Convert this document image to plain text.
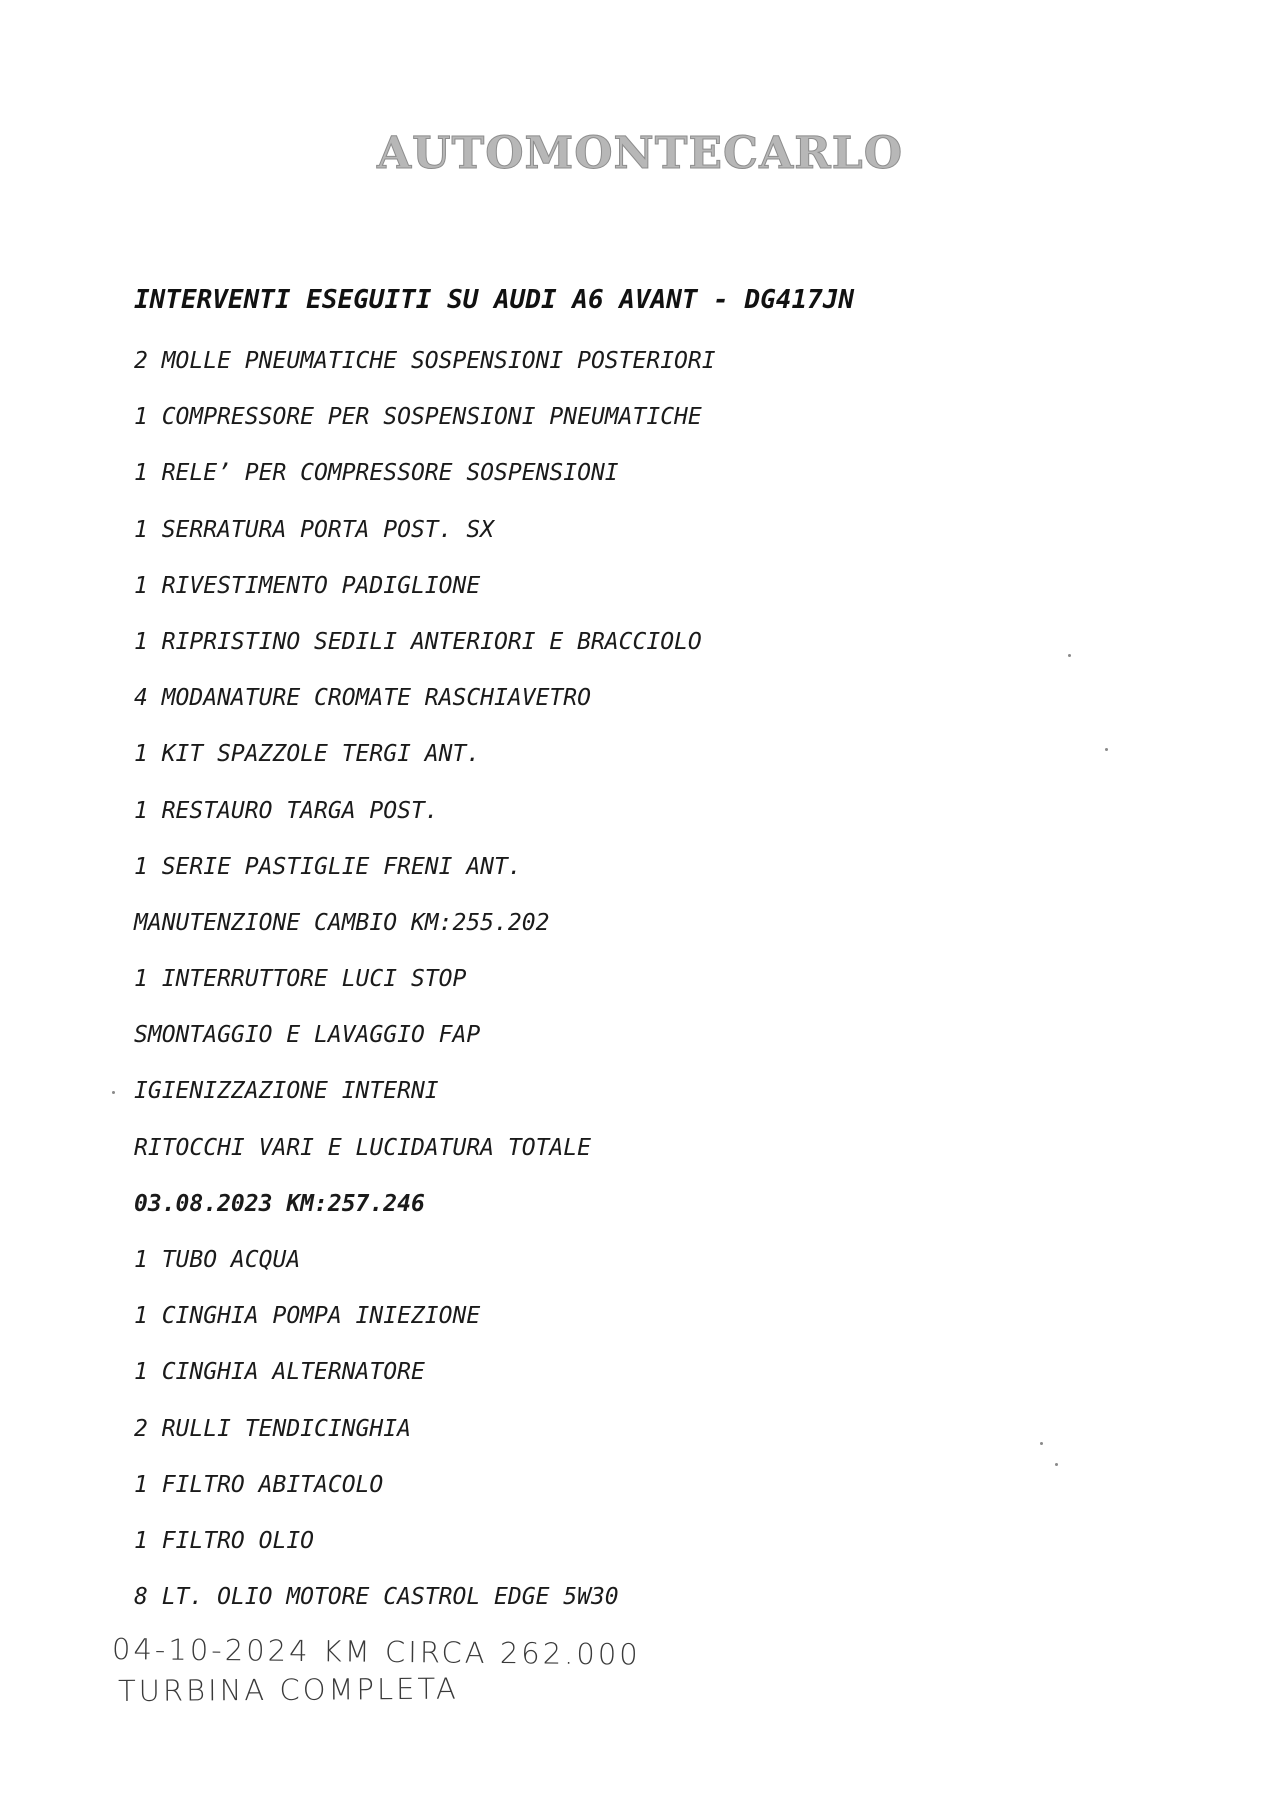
AUTOMONTECARLO
INTERVENTI ESEGUITI SU AUDI A6 AVANT - DG417JN
2 MOLLE PNEUMATICHE SOSPENSIONI POSTERIORI
1 COMPRESSORE PER SOSPENSIONI PNEUMATICHE
1 RELE’ PER COMPRESSORE SOSPENSIONI
1 SERRATURA PORTA POST. SX
1 RIVESTIMENTO PADIGLIONE
1 RIPRISTINO SEDILI ANTERIORI E BRACCIOLO
4 MODANATURE CROMATE RASCHIAVETRO
1 KIT SPAZZOLE TERGI ANT.
1 RESTAURO TARGA POST.
1 SERIE PASTIGLIE FRENI ANT.
MANUTENZIONE CAMBIO KM:255.202
1 INTERRUTTORE LUCI STOP
SMONTAGGIO E LAVAGGIO FAP
IGIENIZZAZIONE INTERNI
RITOCCHI VARI E LUCIDATURA TOTALE
03.08.2023 KM:257.246
1 TUBO ACQUA
1 CINGHIA POMPA INIEZIONE
1 CINGHIA ALTERNATORE
2 RULLI TENDICINGHIA
1 FILTRO ABITACOLO
1 FILTRO OLIO
8 LT. OLIO MOTORE CASTROL EDGE 5W30
04-10-2024 KM CIRCA 262.000
TURBINA COMPLETA
